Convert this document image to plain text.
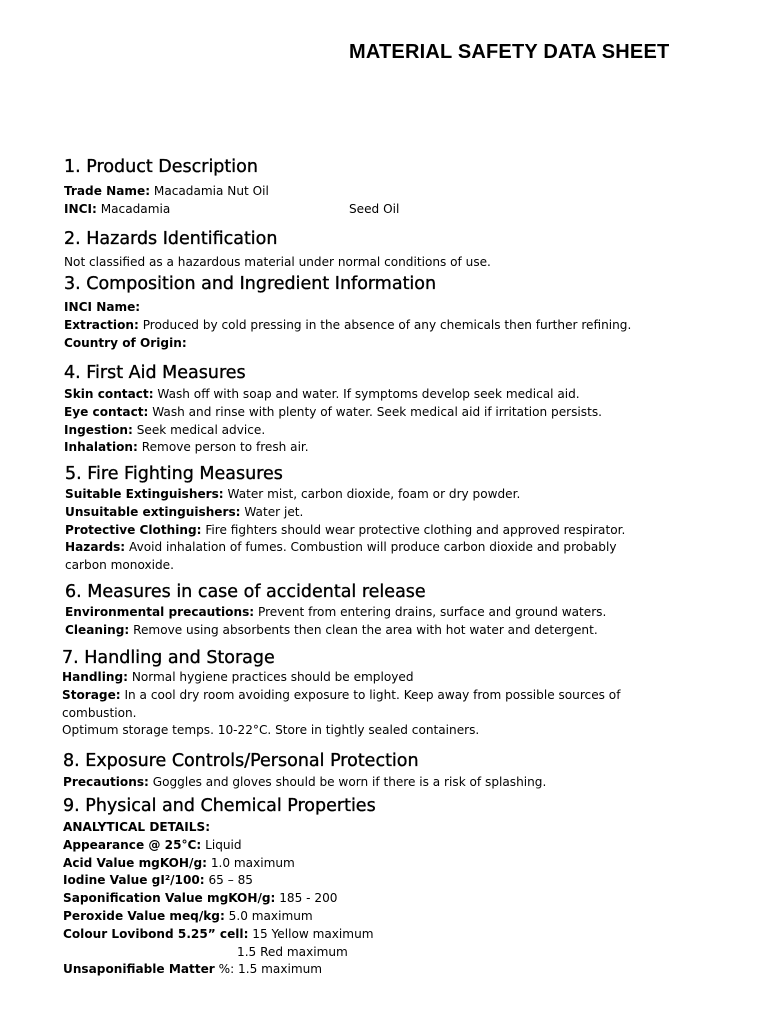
MATERIAL SAFETY DATA SHEET
1. Product Description
Trade Name: Macadamia Nut Oil
INCI: Macadamia	Seed Oil
2. Hazards Identification
Not classified as a hazardous material under normal conditions of use.
3. Composition and Ingredient Information
INCI Name:
Extraction: Produced by cold pressing in the absence of any chemicals then further refining.
Country of Origin:
4. First Aid Measures
Skin contact: Wash off with soap and water. If symptoms develop seek medical aid.
Eye contact: Wash and rinse with plenty of water. Seek medical aid if irritation persists.
Ingestion: Seek medical advice.
Inhalation: Remove person to fresh air.
5. Fire Fighting Measures
Suitable Extinguishers: Water mist, carbon dioxide, foam or dry powder.
Unsuitable extinguishers: Water jet.
Protective Clothing: Fire fighters should wear protective clothing and approved respirator.
Hazards: Avoid inhalation of fumes. Combustion will produce carbon dioxide and probably
carbon monoxide.
6. Measures in case of accidental release
Environmental precautions: Prevent from entering drains, surface and ground waters.
Cleaning: Remove using absorbents then clean the area with hot water and detergent.
7. Handling and Storage
Handling: Normal hygiene practices should be employed
Storage: In a cool dry room avoiding exposure to light. Keep away from possible sources of
combustion.
Optimum storage temps. 10-22°C. Store in tightly sealed containers.
8. Exposure Controls/Personal Protection
Precautions: Goggles and gloves should be worn if there is a risk of splashing.
9. Physical and Chemical Properties
ANALYTICAL DETAILS:
Appearance @ 25°C: Liquid
Acid Value mgKOH/g: 1.0 maximum
Iodine Value gI²/100: 65 – 85
Saponification Value mgKOH/g: 185 - 200
Peroxide Value meq/kg: 5.0 maximum
Colour Lovibond 5.25” cell: 15 Yellow maximum
1.5 Red maximum
Unsaponifiable Matter %: 1.5 maximum
